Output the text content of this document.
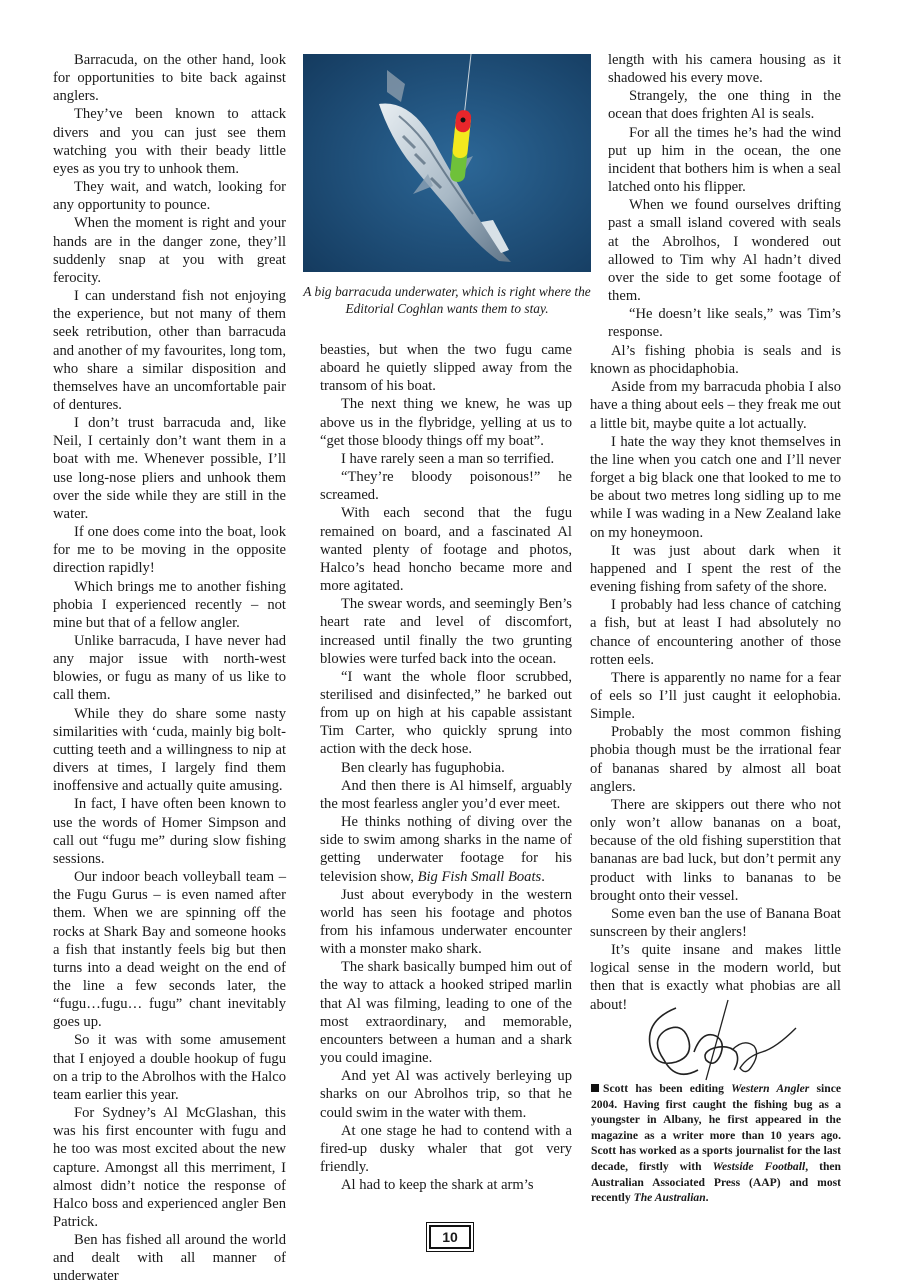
Barracuda, on the other hand, look for opportunities to bite back against anglers.

They’ve been known to attack divers and you can just see them watching you with their beady little eyes as you try to unhook them.

They wait, and watch, looking for any opportunity to pounce.

When the moment is right and your hands are in the danger zone, they’ll suddenly snap at you with great ferocity.

I can understand fish not enjoying the experience, but not many of them seek retribution, other than barracuda and another of my favourites, long tom, who share a similar disposition and themselves have an uncomfortable pair of dentures.

I don’t trust barracuda and, like Neil, I certainly don’t want them in a boat with me. Whenever possible, I’ll use long-nose pliers and unhook them over the side while they are still in the water.

If one does come into the boat, look for me to be moving in the opposite direction rapidly!

Which brings me to another fishing phobia I experienced recently – not mine but that of a fellow angler.

Unlike barracuda, I have never had any major issue with north-west blowies, or fugu as many of us like to call them.

While they do share some nasty similarities with ‘cuda, mainly big bolt-cutting teeth and a willingness to nip at divers at times, I largely find them inoffensive and actually quite amusing.

In fact, I have often been known to use the words of Homer Simpson and call out “fugu me” during slow fishing sessions.

Our indoor beach volleyball team – the Fugu Gurus – is even named after them. When we are spinning off the rocks at Shark Bay and someone hooks a fish that instantly feels big but then turns into a dead weight on the end of the line a few seconds later, the “fugu…fugu… fugu” chant inevitably goes up.

So it was with some amusement that I enjoyed a double hookup of fugu on a trip to the Abrolhos with the Halco team earlier this year.

For Sydney’s Al McGlashan, this was his first encounter with fugu and he too was most excited about the new capture. Amongst all this merriment, I almost didn’t notice the response of Halco boss and experienced angler Ben Patrick.

Ben has fished all around the world and dealt with all manner of underwater

A big barracuda underwater, which is right where the Editorial Coghlan wants them to stay.

beasties, but when the two fugu came aboard he quietly slipped away from the transom of his boat.

The next thing we knew, he was up above us in the flybridge, yelling at us to “get those bloody things off my boat”.

I have rarely seen a man so terrified.

“They’re bloody poisonous!” he screamed.

With each second that the fugu remained on board, and a fascinated Al wanted plenty of footage and photos, Halco’s head honcho became more and more agitated.

The swear words, and seemingly Ben’s heart rate and level of discomfort, increased until finally the two grunting blowies were turfed back into the ocean.

“I want the whole floor scrubbed, sterilised and disinfected,” he barked out from up on high at his capable assistant Tim Carter, who quickly sprung into action with the deck hose.

Ben clearly has fuguphobia.

And then there is Al himself, arguably the most fearless angler you’d ever meet.

He thinks nothing of diving over the side to swim among sharks in the name of getting underwater footage for his television show, Big Fish Small Boats.

Just about everybody in the western world has seen his footage and photos from his infamous underwater encounter with a monster mako shark.

The shark basically bumped him out of the way to attack a hooked striped marlin that Al was filming, leading to one of the most extraordinary, and memorable, encounters between a human and a shark you could imagine.

And yet Al was actively berleying up sharks on our Abrolhos trip, so that he could swim in the water with them.

At one stage he had to contend with a fired-up dusky whaler that got very friendly.

Al had to keep the shark at arm’s

length with his camera housing as it shadowed his every move.

Strangely, the one thing in the ocean that does frighten Al is seals.

For all the times he’s had the wind put up him in the ocean, the one incident that bothers him is when a seal latched onto his flipper.

When we found ourselves drifting past a small island covered with seals at the Abrolhos, I wondered out allowed to Tim why Al hadn’t dived over the side to get some footage of them.

“He doesn’t like seals,” was Tim’s response.

Al’s fishing phobia is seals and is known as phocidaphobia.

Aside from my barracuda phobia I also have a thing about eels – they freak me out a little bit, maybe quite a lot actually.

I hate the way they knot themselves in the line when you catch one and I’ll never forget a big black one that looked to me to be about two metres long sidling up to me while I was wading in a New Zealand lake on my honeymoon.

It was just about dark when it happened and I spent the rest of the evening fishing from safety of the shore.

I probably had less chance of catching a fish, but at least I had absolutely no chance of encountering another of those rotten eels.

There is apparently no name for a fear of eels so I’ll just caught it eelophobia. Simple.

Probably the most common fishing phobia though must be the irrational fear of bananas shared by almost all boat anglers.

There are skippers out there who not only won’t allow bananas on a boat, because of the old fishing superstition that bananas are bad luck, but don’t permit any product with links to bananas to be brought onto their vessel.

Some even ban the use of Banana Boat sunscreen by their anglers!

It’s quite insane and makes little logical sense in the modern world, but then that is exactly what phobias are all about!

Scott has been editing Western Angler since 2004. Having first caught the fishing bug as a youngster in Albany, he first appeared in the magazine as a writer more than 10 years ago. Scott has worked as a sports journalist for the last decade, firstly with Westside Football, then Australian Associated Press (AAP) and most recently The Australian.
10
